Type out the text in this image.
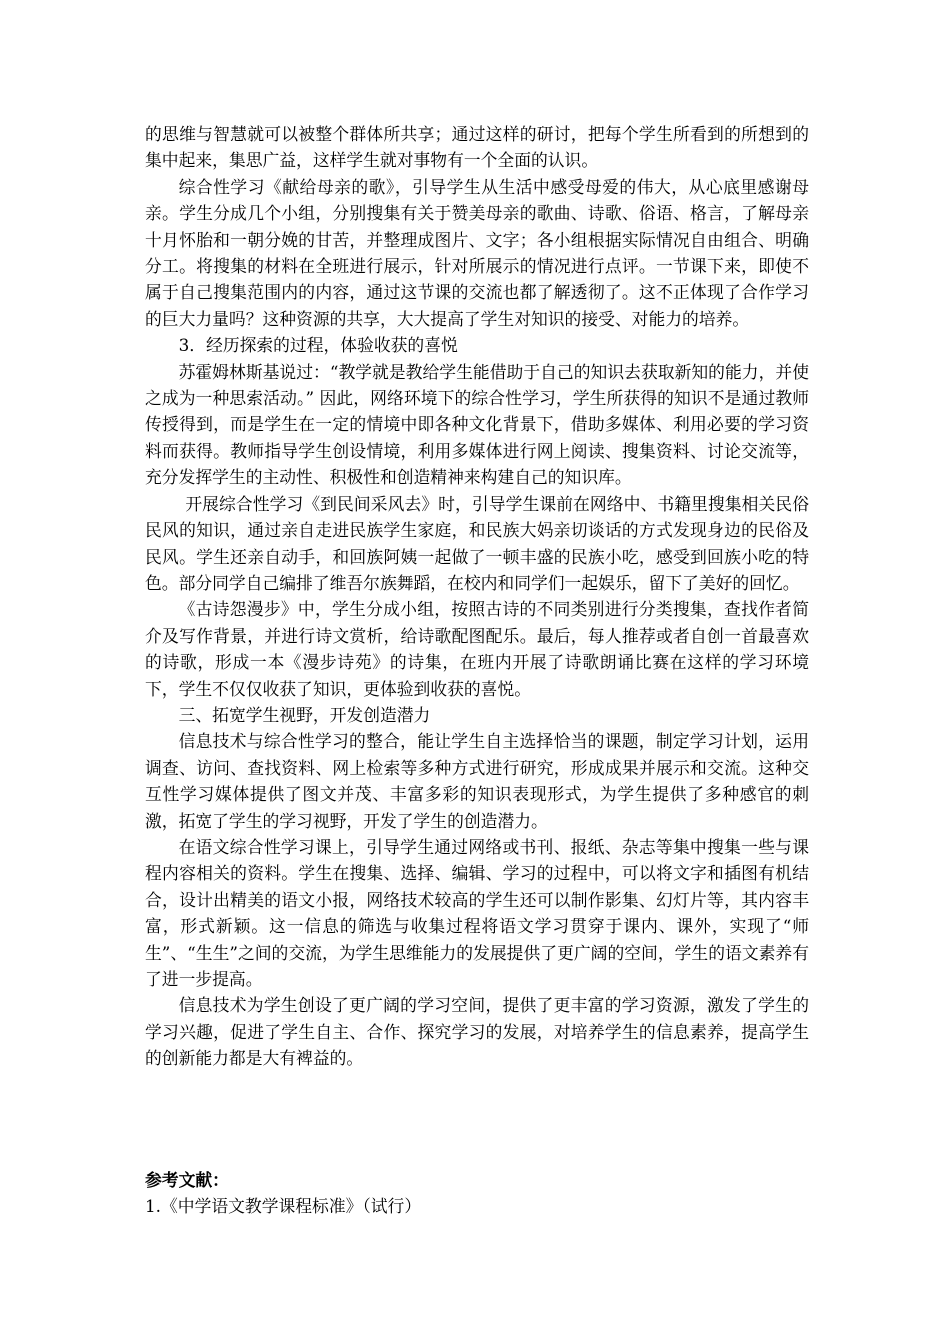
的思维与智慧就可以被整个群体所共享；通过这样的研讨，把每个学生所看到的所想到的集中起来，集思广益，这样学生就对事物有一个全面的认识。

综合性学习《献给母亲的歌》，引导学生从生活中感受母爱的伟大，从心底里感谢母亲。学生分成几个小组，分别搜集有关于赞美母亲的歌曲、诗歌、俗语、格言，了解母亲十月怀胎和一朝分娩的甘苦，并整理成图片、文字；各小组根据实际情况自由组合、明确分工。将搜集的材料在全班进行展示，针对所展示的情况进行点评。一节课下来，即使不属于自己搜集范围内的内容，通过这节课的交流也都了解透彻了。这不正体现了合作学习的巨大力量吗？这种资源的共享，大大提高了学生对知识的接受、对能力的培养。

3．经历探索的过程，体验收获的喜悦

苏霍姆林斯基说过：“教学就是教给学生能借助于自己的知识去获取新知的能力，并使之成为一种思索活动。” 因此，网络环境下的综合性学习，学生所获得的知识不是通过教师传授得到，而是学生在一定的情境中即各种文化背景下，借助多媒体、利用必要的学习资料而获得。教师指导学生创设情境，利用多媒体进行网上阅读、搜集资料、讨论交流等，充分发挥学生的主动性、积极性和创造精神来构建自己的知识库。

开展综合性学习《到民间采风去》时，引导学生课前在网络中、书籍里搜集相关民俗民风的知识，通过亲自走进民族学生家庭，和民族大妈亲切谈话的方式发现身边的民俗及民风。学生还亲自动手，和回族阿姨一起做了一顿丰盛的民族小吃，感受到回族小吃的特色。部分同学自己编排了维吾尔族舞蹈，在校内和同学们一起娱乐，留下了美好的回忆。

《古诗怨漫步》中，学生分成小组，按照古诗的不同类别进行分类搜集，查找作者简介及写作背景，并进行诗文赏析，给诗歌配图配乐。最后，每人推荐或者自创一首最喜欢的诗歌，形成一本《漫步诗苑》的诗集，在班内开展了诗歌朗诵比赛在这样的学习环境下，学生不仅仅收获了知识，更体验到收获的喜悦。

三、拓宽学生视野，开发创造潜力

信息技术与综合性学习的整合，能让学生自主选择恰当的课题，制定学习计划，运用调查、访问、查找资料、网上检索等多种方式进行研究，形成成果并展示和交流。这种交互性学习媒体提供了图文并茂、丰富多彩的知识表现形式，为学生提供了多种感官的刺激，拓宽了学生的学习视野，开发了学生的创造潜力。

在语文综合性学习课上，引导学生通过网络或书刊、报纸、杂志等集中搜集一些与课程内容相关的资料。学生在搜集、选择、编辑、学习的过程中，可以将文字和插图有机结合，设计出精美的语文小报，网络技术较高的学生还可以制作影集、幻灯片等，其内容丰富，形式新颖。这一信息的筛选与收集过程将语文学习贯穿于课内、课外，实现了“师生”、“生生”之间的交流，为学生思维能力的发展提供了更广阔的空间，学生的语文素养有了进一步提高。

信息技术为学生创设了更广阔的学习空间，提供了更丰富的学习资源，激发了学生的学习兴趣，促进了学生自主、合作、探究学习的发展，对培养学生的信息素养，提高学生的创新能力都是大有裨益的。

参考文献：

1.《中学语文教学课程标准》（试行）
